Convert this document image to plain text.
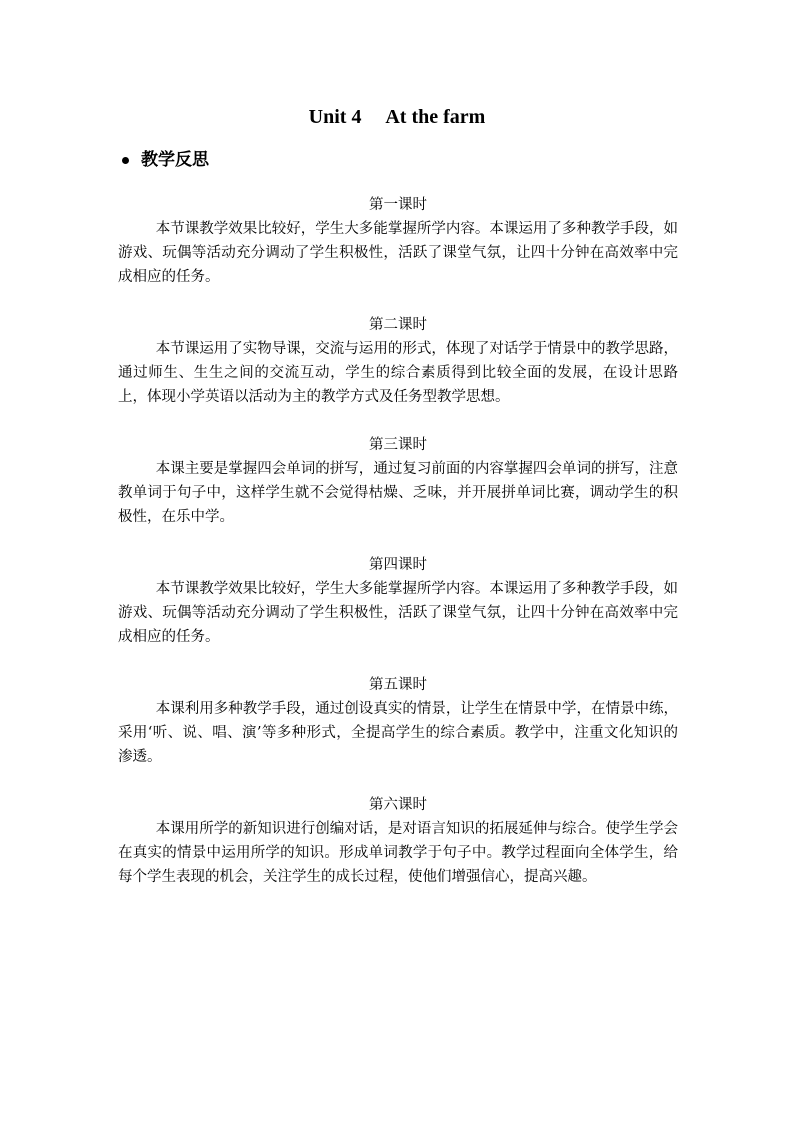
Unit 4     At the farm
教学反思
第一课时

本节课教学效果比较好，学生大多能掌握所学内容。本课运用了多种教学手段，如游戏、玩偶等活动充分调动了学生积极性，活跃了课堂气氛，让四十分钟在高效率中完成相应的任务。

第二课时

本节课运用了实物导课，交流与运用的形式，体现了对话学于情景中的教学思路，通过师生、生生之间的交流互动，学生的综合素质得到比较全面的发展，在设计思路上，体现小学英语以活动为主的教学方式及任务型教学思想。

第三课时

本课主要是掌握四会单词的拼写，通过复习前面的内容掌握四会单词的拼写，注意教单词于句子中，这样学生就不会觉得枯燥、乏味，并开展拼单词比赛，调动学生的积极性，在乐中学。

第四课时

本节课教学效果比较好，学生大多能掌握所学内容。本课运用了多种教学手段，如游戏、玩偶等活动充分调动了学生积极性，活跃了课堂气氛，让四十分钟在高效率中完成相应的任务。

第五课时

本课利用多种教学手段，通过创设真实的情景，让学生在情景中学，在情景中练，采用‘听、说、唱、演’等多种形式，全提高学生的综合素质。教学中，注重文化知识的渗透。

第六课时

本课用所学的新知识进行创编对话，是对语言知识的拓展延伸与综合。使学生学会在真实的情景中运用所学的知识。形成单词教学于句子中。教学过程面向全体学生，给每个学生表现的机会，关注学生的成长过程，使他们增强信心，提高兴趣。
